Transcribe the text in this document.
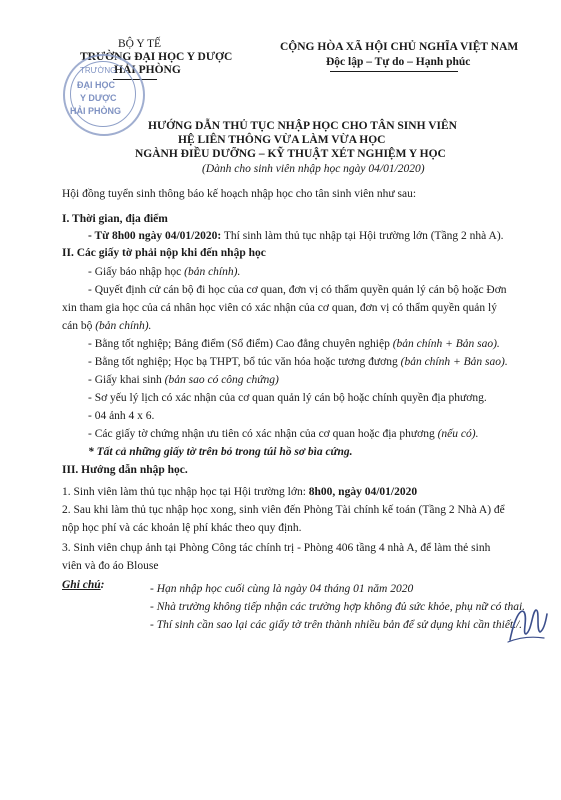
BỘ Y TẾ
TRƯỜNG ĐẠI HỌC Y DƯỢC
HẢI PHÒNG
TRƯỜNG
ĐẠI HỌC
Y DƯỢC
HẢI PHÒNG
CỘNG HÒA XÃ HỘI CHỦ NGHĨA VIỆT NAM
Độc lập – Tự do – Hạnh phúc
HƯỚNG DẪN THỦ TỤC NHẬP HỌC CHO TÂN SINH VIÊN
HỆ LIÊN THÔNG VỪA LÀM VỪA HỌC
NGÀNH ĐIỀU DƯỠNG – KỸ THUẬT XÉT NGHIỆM Y HỌC
(Dành cho sinh viên nhập học ngày 04/01/2020)
Hội đồng tuyển sinh thông báo kế hoạch nhập học cho tân sinh viên như sau:
I. Thời gian, địa điểm
- Từ 8h00 ngày 04/01/2020: Thí sinh làm thủ tục nhập tại Hội trường lớn (Tầng 2 nhà A).
II. Các giấy tờ phải nộp khi đến nhập học
- Giấy báo nhập học (bản chính).
- Quyết định cử cán bộ đi học của cơ quan, đơn vị có thẩm quyền quản lý cán bộ hoặc Đơn
xin tham gia học của cá nhân học viên có xác nhận của cơ quan, đơn vị có thẩm quyền quản lý
cán bộ (bản chính).
- Bằng tốt nghiệp; Bảng điểm (Sổ điểm) Cao đẳng chuyên nghiệp (bản chính + Bản sao).
- Bằng tốt nghiệp; Học bạ THPT, bổ túc văn hóa hoặc tương đương (bản chính + Bản sao).
- Giấy khai sinh (bản sao có công chứng)
- Sơ yếu lý lịch có xác nhận của cơ quan quản lý cán bộ hoặc chính quyền địa phương.
- 04 ảnh 4 x 6.
- Các giấy tờ chứng nhận ưu tiên có xác nhận của cơ quan hoặc địa phương (nếu có).
* Tất cả những giấy tờ trên bỏ trong túi hồ sơ bìa cứng.
III. Hướng dẫn nhập học.
1. Sinh viên làm thủ tục nhập học tại Hội trường lớn: 8h00, ngày 04/01/2020
2. Sau khi làm thủ tục nhập học xong, sinh viên đến Phòng Tài chính kế toán (Tầng 2 Nhà A) để
nộp học phí và các khoản lệ phí khác theo quy định.
3. Sinh viên chụp ảnh tại Phòng Công tác chính trị - Phòng 406 tầng 4 nhà A, để làm thẻ sinh
viên và đo áo Blouse
Ghi chú:	- Hạn nhập học cuối cùng là ngày 04 tháng 01 năm 2020
- Nhà trường không tiếp nhận các trường hợp không đủ sức khỏe, phụ nữ có thai.
- Thí sinh cần sao lại các giấy tờ trên thành nhiều bản để sử dụng khi cần thiết./.
